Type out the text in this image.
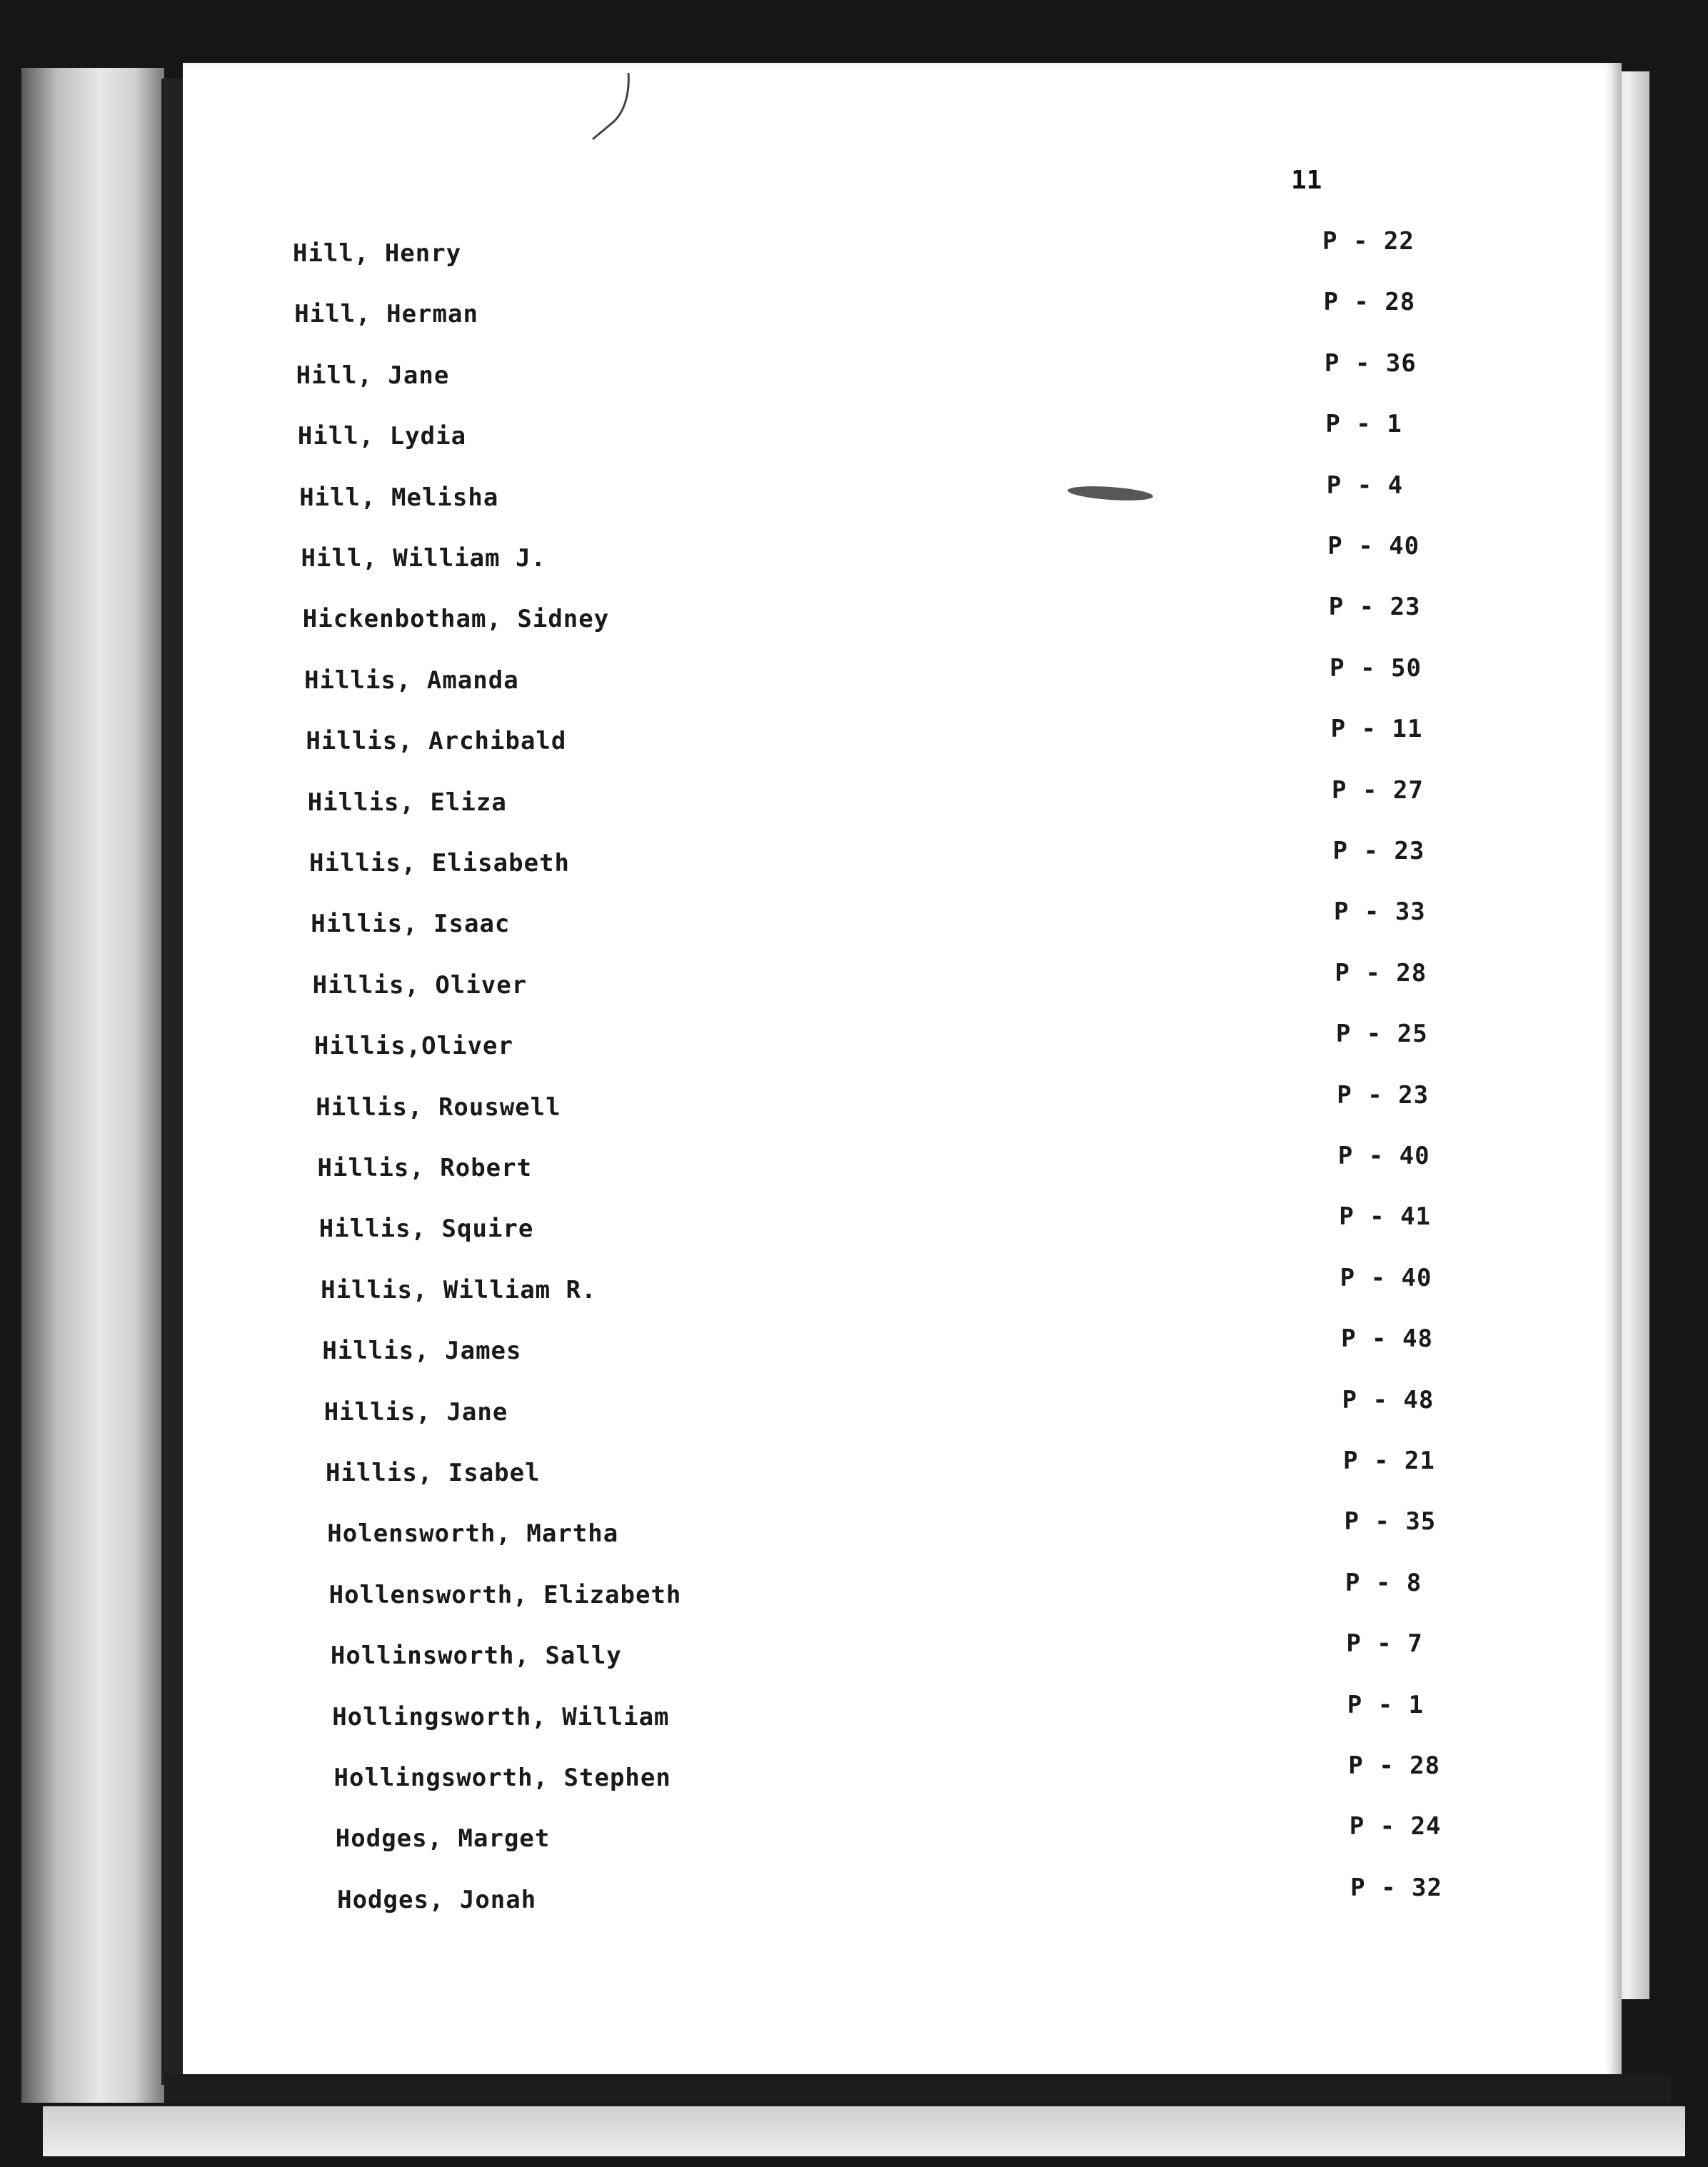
11
Hill, Henry	P - 22
Hill, Herman	P - 28
Hill, Jane	P - 36
Hill, Lydia	P - 1
Hill, Melisha	P - 4
Hill, William J.	P - 40
Hickenbotham, Sidney	P - 23
Hillis, Amanda	P - 50
Hillis, Archibald	P - 11
Hillis, Eliza	P - 27
Hillis, Elisabeth	P - 23
Hillis, Isaac	P - 33
Hillis, Oliver	P - 28
Hillis,Oliver	P - 25
Hillis, Rouswell	P - 23
Hillis, Robert	P - 40
Hillis, Squire	P - 41
Hillis, William R.	P - 40
Hillis, James	P - 48
Hillis, Jane	P - 48
Hillis, Isabel	P - 21
Holensworth, Martha	P - 35
Hollensworth, Elizabeth	P - 8
Hollinsworth, Sally	P - 7
Hollingsworth, William	P - 1
Hollingsworth, Stephen	P - 28
Hodges, Marget	P - 24
Hodges, Jonah	P - 32
